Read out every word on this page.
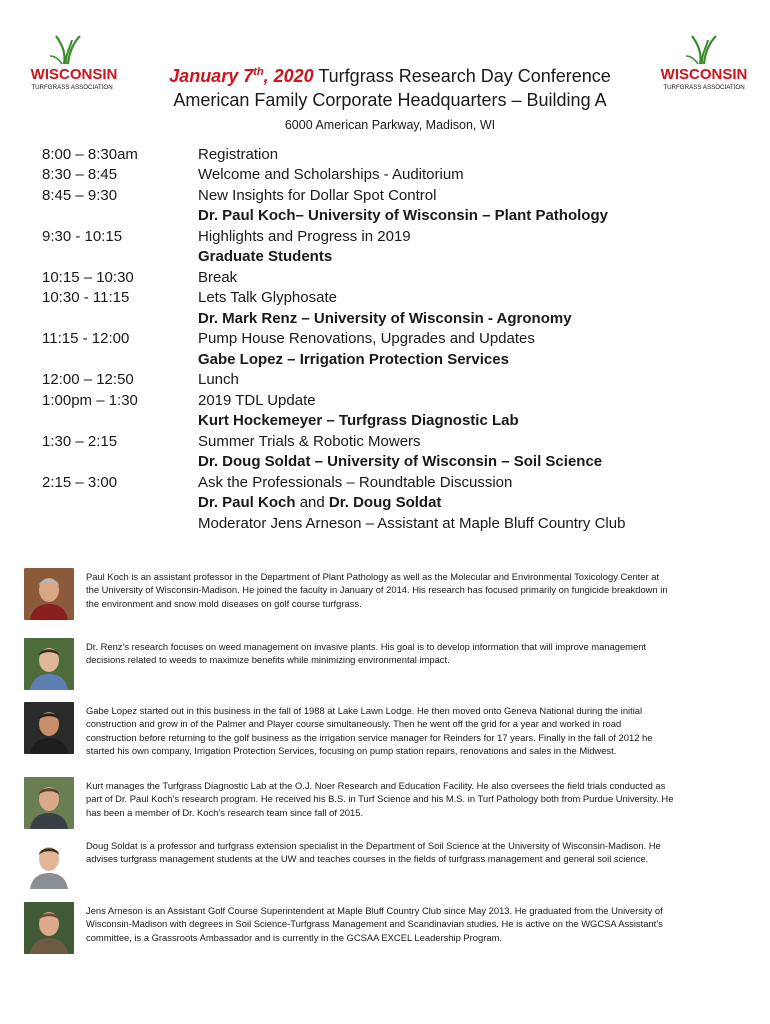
WISCONSIN
TURFGRASS ASSOCIATION
WISCONSIN
TURFGRASS ASSOCIATION
January 7th, 2020 Turfgrass Research Day Conference
American Family Corporate Headquarters – Building A
6000 American Parkway, Madison, WI
8:00 – 8:30am	Registration
8:30 – 8:45	Welcome and Scholarships - Auditorium
8:45 – 9:30	New Insights for Dollar Spot Control
Dr. Paul Koch– University of Wisconsin – Plant Pathology
9:30 - 10:15	Highlights and Progress in 2019
Graduate Students
10:15 – 10:30	Break
10:30 - 11:15	Lets Talk Glyphosate
Dr. Mark Renz – University of Wisconsin - Agronomy
11:15 - 12:00	Pump House Renovations, Upgrades and Updates
Gabe Lopez – Irrigation Protection Services
12:00 – 12:50	Lunch
1:00pm – 1:30	2019 TDL Update
Kurt Hockemeyer – Turfgrass Diagnostic Lab
1:30 – 2:15	Summer Trials & Robotic Mowers
Dr. Doug Soldat – University of Wisconsin – Soil Science
2:15 – 3:00	Ask the Professionals – Roundtable Discussion
Dr. Paul Koch and Dr. Doug Soldat
Moderator Jens Arneson – Assistant at Maple Bluff Country Club
Paul Koch is an assistant professor in the Department of Plant Pathology as well as the Molecular and Environmental Toxicology Center at the University of Wisconsin-Madison. He joined the faculty in January of 2014. His research has focused primarily on fungicide breakdown in the environment and snow mold diseases on golf course turfgrass.
Dr. Renz’s research focuses on weed management on invasive plants. His goal is to develop information that will improve management decisions related to weeds to maximize benefits while minimizing environmental impact.
Gabe Lopez started out in this business in the fall of 1988 at Lake Lawn Lodge. He then moved onto Geneva National during the initial construction and grow in of the Palmer and Player course simultaneously. Then he went off the grid for a year and worked in road construction before returning to the golf business as the irrigation service manager for Reinders for 17 years. Finally in the fall of 2012 he started his own company, Irrigation Protection Services, focusing on pump station repairs, renovations and sales in the Midwest.
Kurt manages the Turfgrass Diagnostic Lab at the O.J. Noer Research and Education Facility. He also oversees the field trials conducted as part of Dr. Paul Koch’s research program. He received his B.S. in Turf Science and his M.S. in Turf Pathology both from Purdue University. He has been a member of Dr. Koch’s research team since fall of 2015.
Doug Soldat is a professor and turfgrass extension specialist in the Department of Soil Science at the University of Wisconsin-Madison. He advises turfgrass management students at the UW and teaches courses in the fields of turfgrass management and general soil science.
Jens Arneson is an Assistant Golf Course Superintendent at Maple Bluff Country Club since May 2013. He graduated from the University of Wisconsin-Madison with degrees in Soil Science-Turfgrass Management and Scandinavian studies. He is active on the WGCSA Assistant’s committee, is a Grassroots Ambassador and is currently in the GCSAA EXCEL Leadership Program.
